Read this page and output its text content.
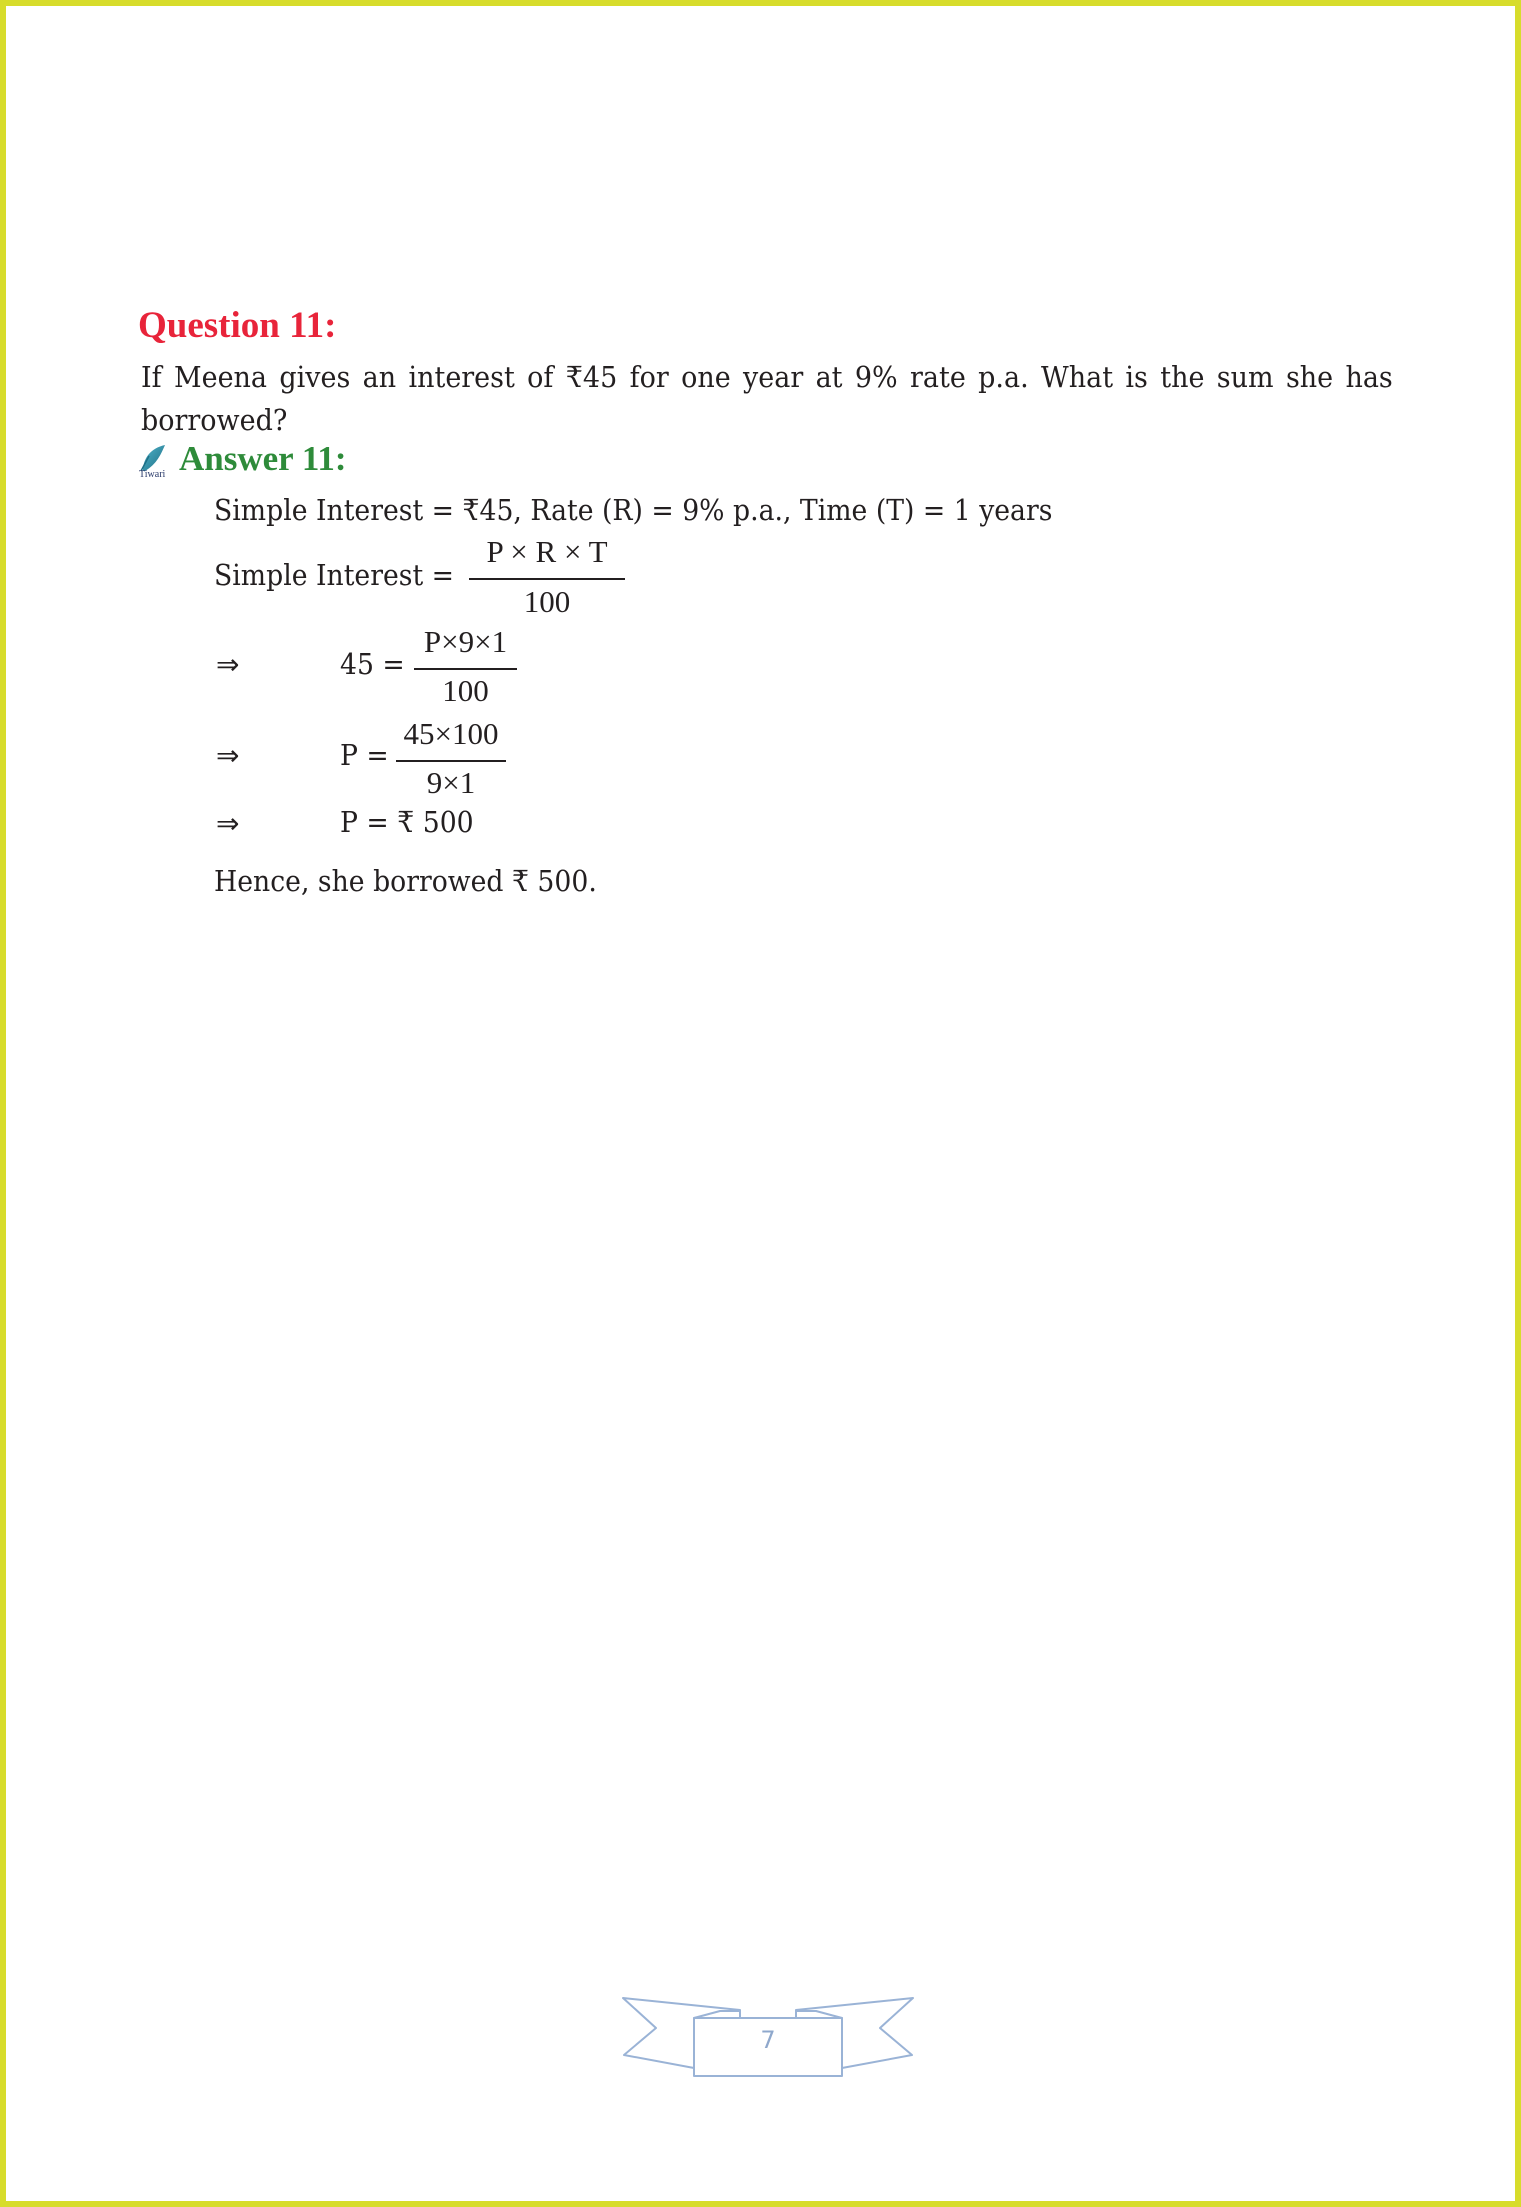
Question 11:
If Meena gives an interest of ₹45 for one year at 9% rate p.a. What is the sum she has borrowed?
Tiwari Answer 11:
Simple Interest = ₹45, Rate (R) = 9% p.a., Time (T) = 1 years
Simple Interest =
P × R × T
100
⇒	45 =
P×9×1
100
⇒	P =
45×100
9×1
⇒	P = ₹ 500
Hence, she borrowed ₹ 500.
7
